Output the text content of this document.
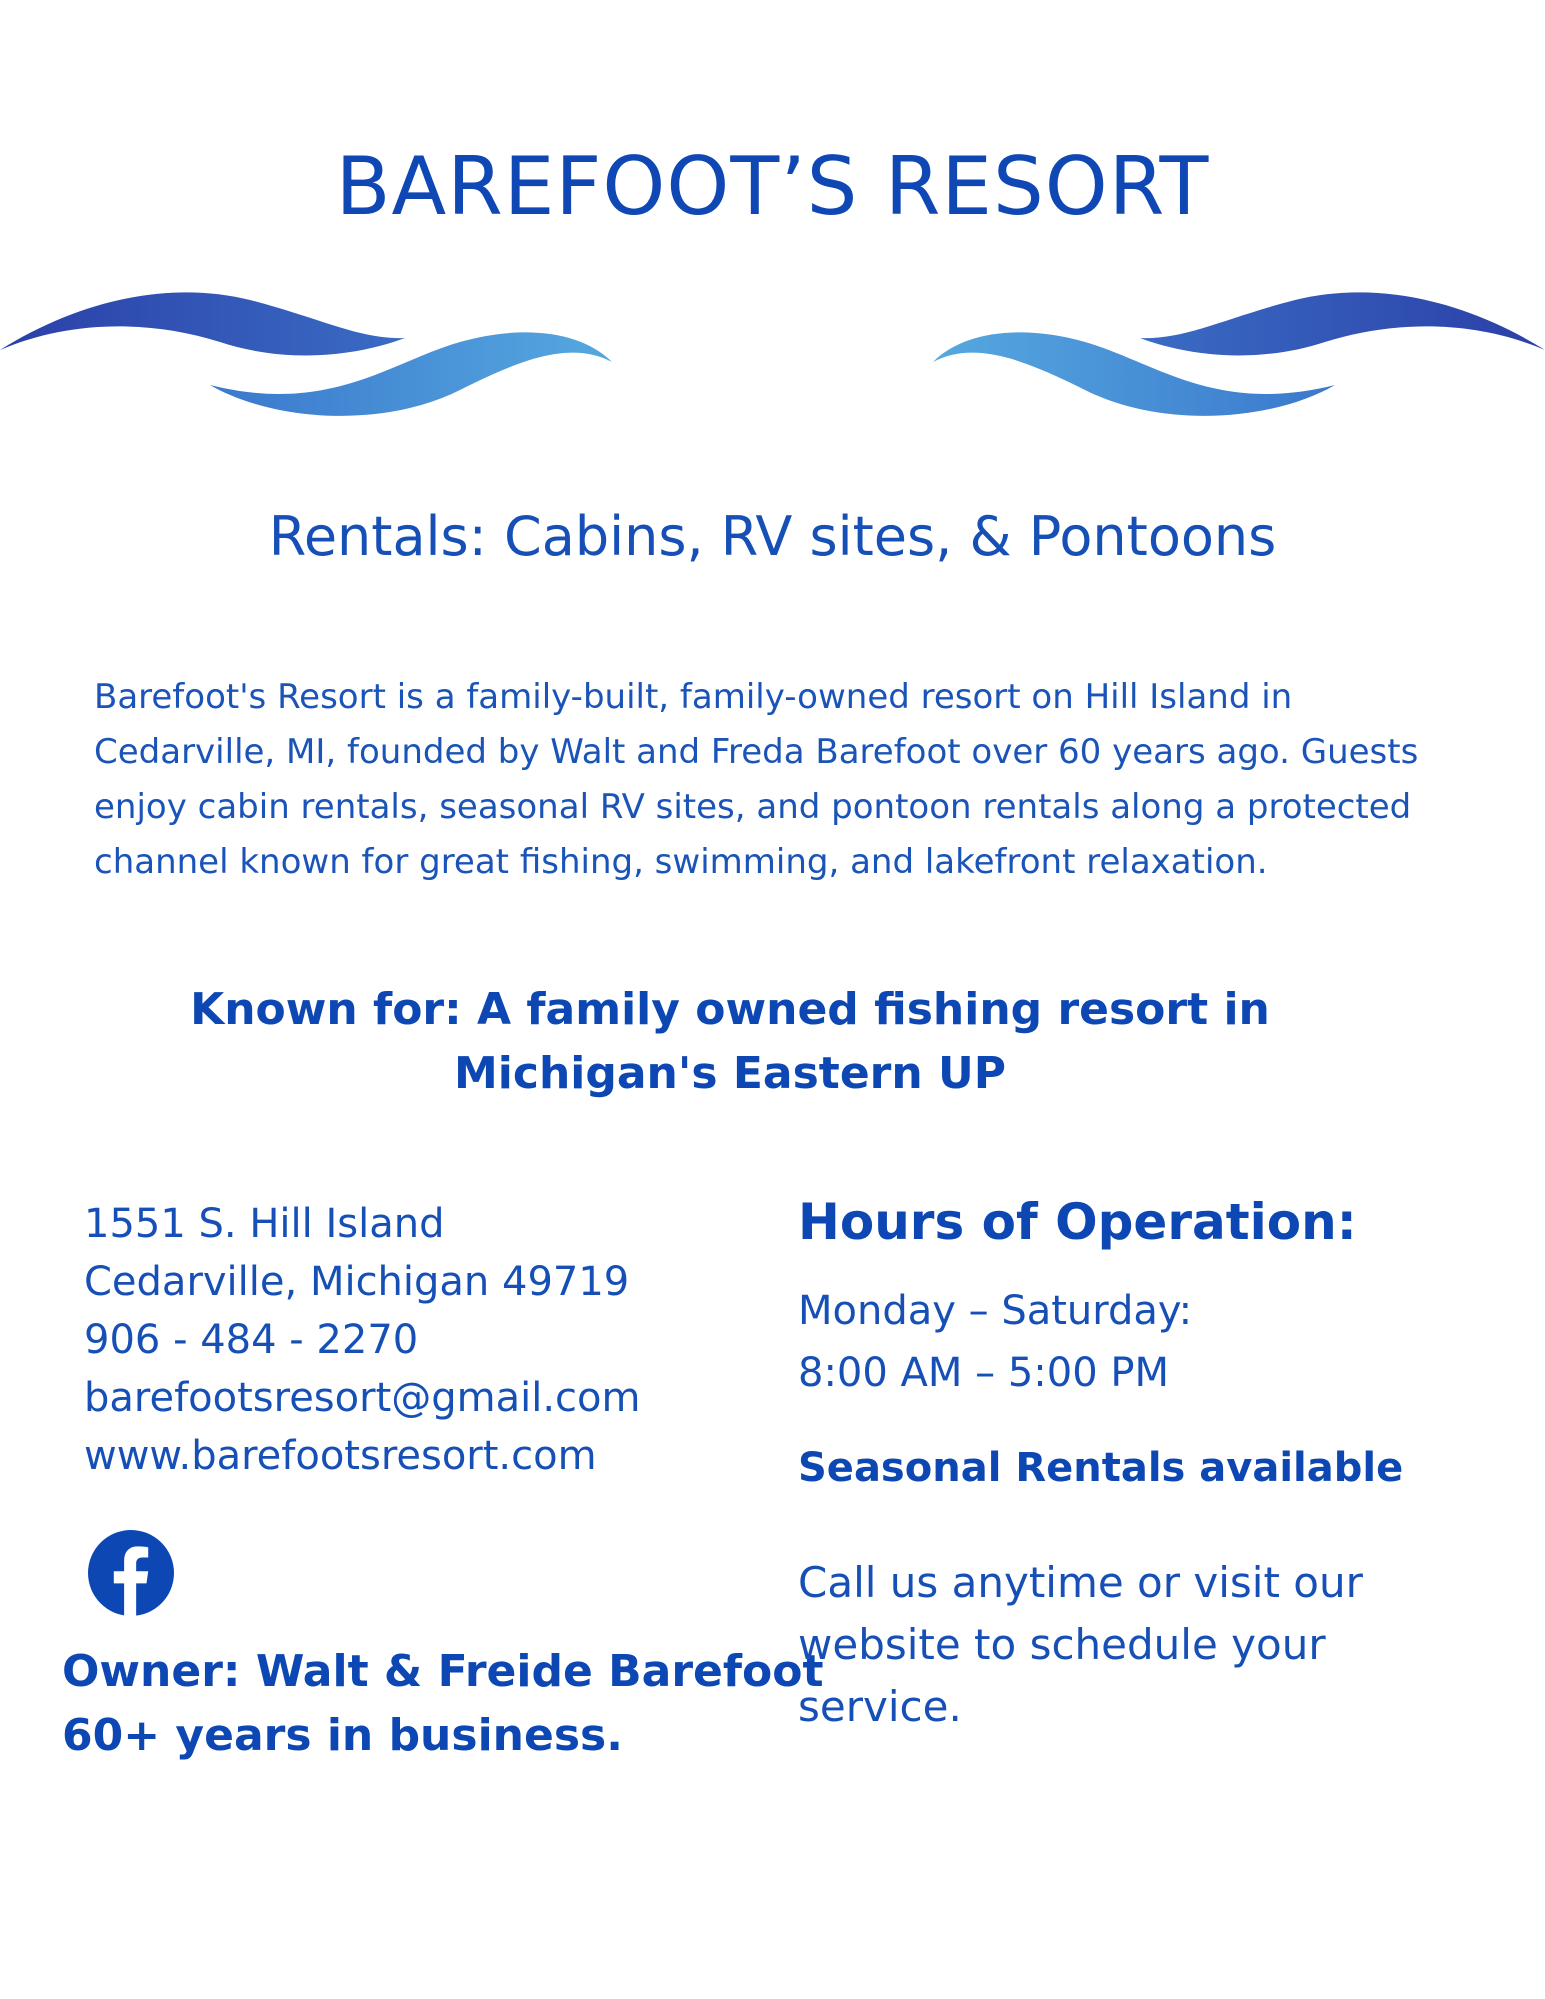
BAREFOOT’S RESORT
Rentals: Cabins, RV sites, & Pontoons
Barefoot's Resort is a family-built, family-owned resort on Hill Island in Cedarville, MI, founded by Walt and Freda Barefoot over 60 years ago. Guests enjoy cabin rentals, seasonal RV sites, and pontoon rentals along a protected channel known for great fishing, swimming, and lakefront relaxation.
Known for: A family owned fishing resort in Michigan's Eastern UP
1551 S. Hill Island
Cedarville, Michigan 49719
906 - 484 - 2270
barefootsresort@gmail.com
www.barefootsresort.com
Owner: Walt & Freide Barefoot
60+ years in business.
Hours of Operation:
Monday – Saturday:
8:00 AM – 5:00 PM
Seasonal Rentals available
Call us anytime or visit our website to schedule your service.
